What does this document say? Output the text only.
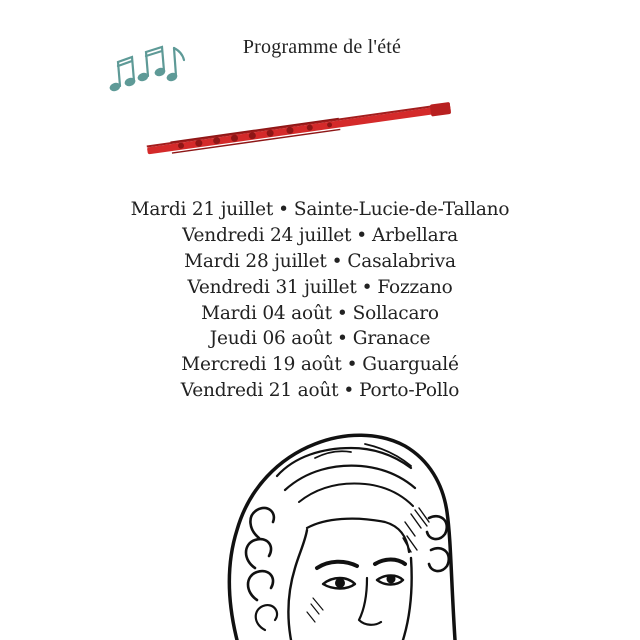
Programme de l'été
Mardi 21 juillet • Sainte-Lucie-de-Tallano
Vendredi 24 juillet • Arbellara
Mardi 28 juillet • Casalabriva
Vendredi 31 juillet • Fozzano
Mardi 04 août • Sollacaro
Jeudi 06 août • Granace
Mercredi 19 août • Guargualé
Vendredi 21 août • Porto-Pollo
